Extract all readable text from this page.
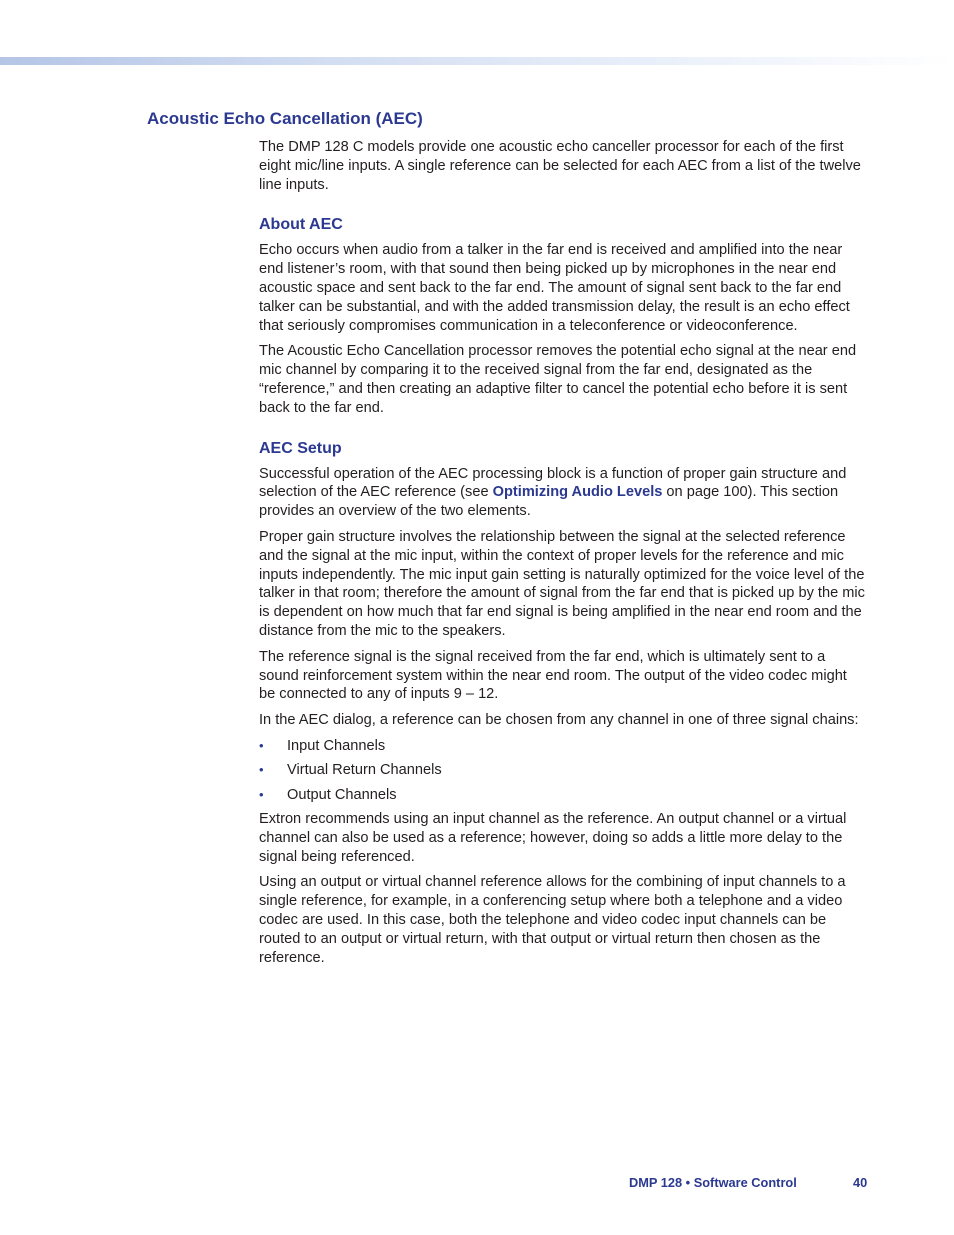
Acoustic Echo Cancellation (AEC)

The DMP 128 C models provide one acoustic echo canceller processor for each of the first eight mic/line inputs. A single reference can be selected for each AEC from a list of the twelve line inputs.

About AEC

Echo occurs when audio from a talker in the far end is received and amplified into the near end listener’s room, with that sound then being picked up by microphones in the near end acoustic space and sent back to the far end. The amount of signal sent back to the far end talker can be substantial, and with the added transmission delay, the result is an echo effect that seriously compromises communication in a teleconference or videoconference.

The Acoustic Echo Cancellation processor removes the potential echo signal at the near end mic channel by comparing it to the received signal from the far end, designated as the “reference,” and then creating an adaptive filter to cancel the potential echo before it is sent back to the far end.

AEC Setup

Successful operation of the AEC processing block is a function of proper gain structure and selection of the AEC reference (see Optimizing Audio Levels on page 100). This section provides an overview of the two elements.

Proper gain structure involves the relationship between the signal at the selected reference and the signal at the mic input, within the context of proper levels for the reference and mic inputs independently. The mic input gain setting is naturally optimized for the voice level of the talker in that room; therefore the amount of signal from the far end that is picked up by the mic is dependent on how much that far end signal is being amplified in the near end room and the distance from the mic to the speakers.

The reference signal is the signal received from the far end, which is ultimately sent to a sound reinforcement system within the near end room. The output of the video codec might be connected to any of inputs 9 – 12.

In the AEC dialog, a reference can be chosen from any channel in one of three signal chains:

• Input Channels
• Virtual Return Channels
• Output Channels

Extron recommends using an input channel as the reference. An output channel or a virtual channel can also be used as a reference; however, doing so adds a little more delay to the signal being referenced.

Using an output or virtual channel reference allows for the combining of input channels to a single reference, for example, in a conferencing setup where both a telephone and a video codec are used. In this case, both the telephone and video codec input channels can be routed to an output or virtual return, with that output or virtual return then chosen as the reference.

DMP 128 • Software Control	40
